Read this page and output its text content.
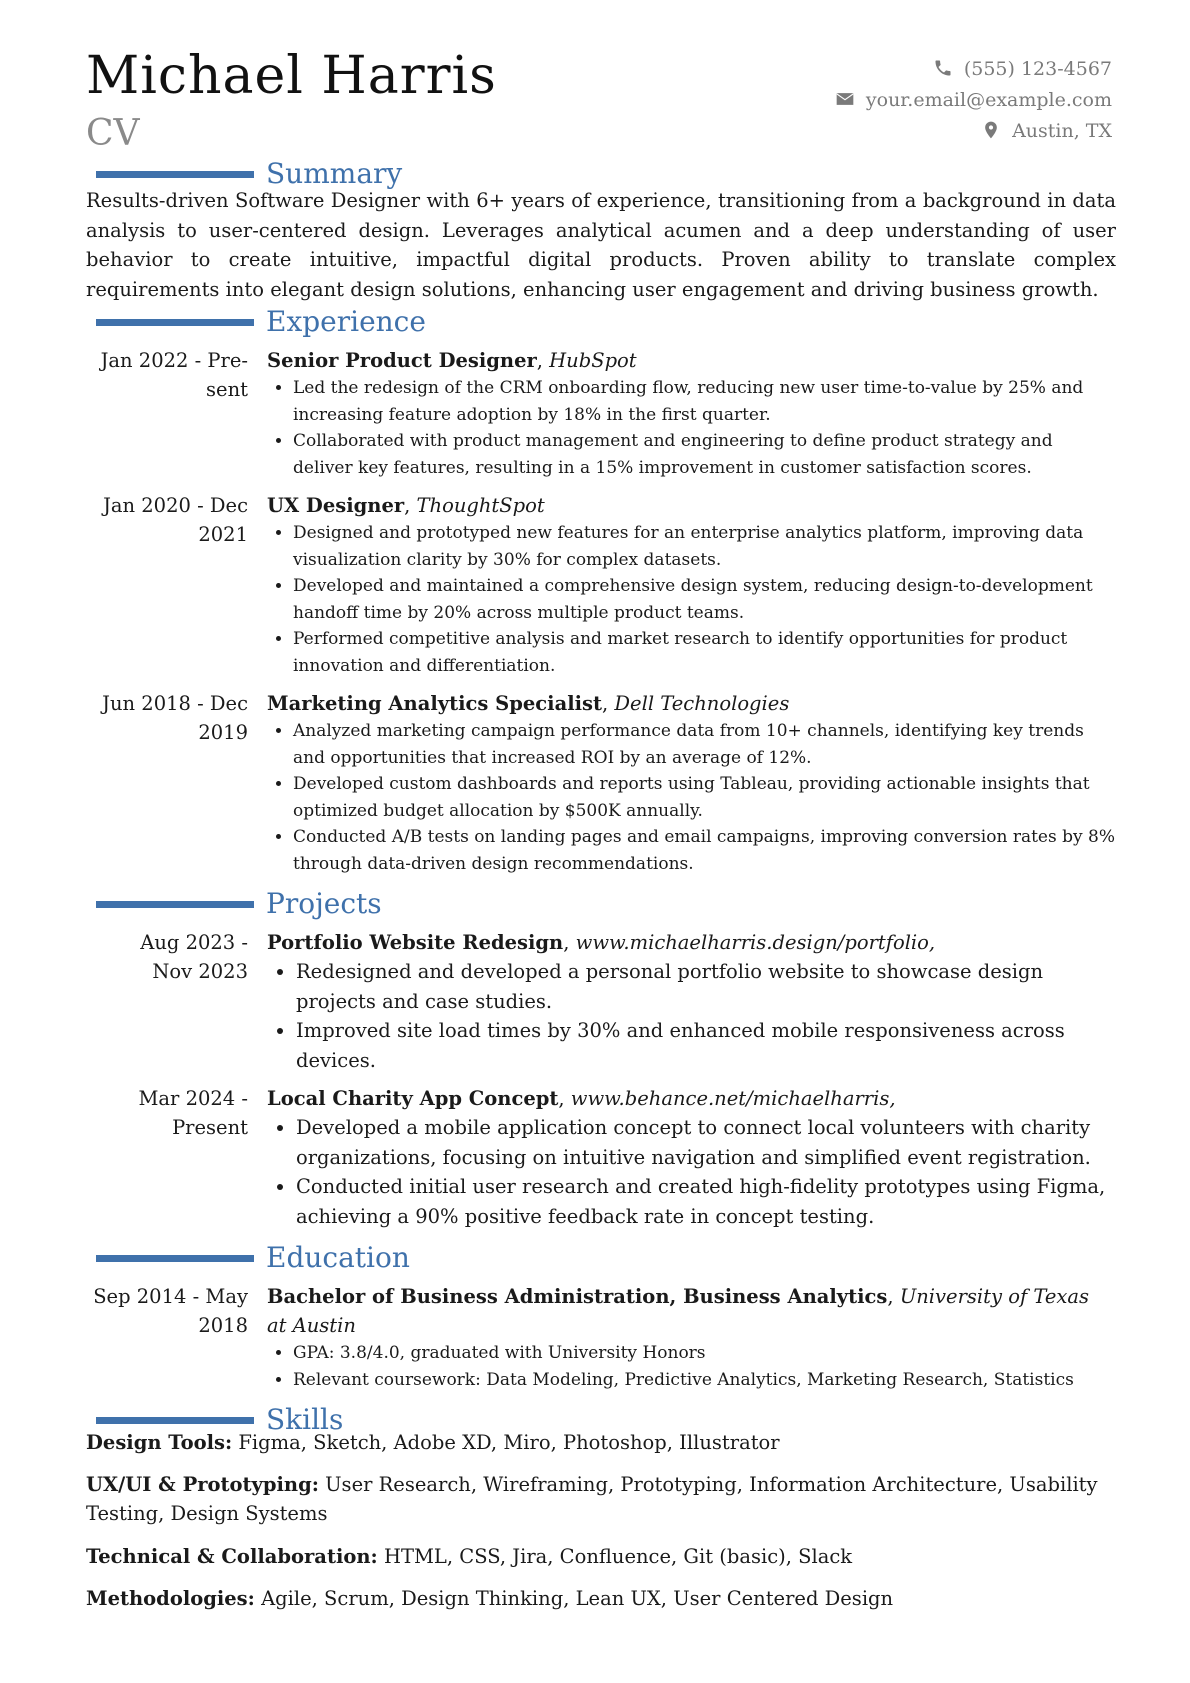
Michael Harris
CV
(555) 123-4567
your.email@example.com
Austin, TX
Summary
Results-driven Software Designer with 6+ years of experience, transitioning from a background in data analysis to user-centered design. Leverages analytical acumen and a deep understanding of user behavior to create intuitive, impactful digital products. Proven ability to translate complex requirements into elegant design solutions, enhancing user engagement and driving business growth.
Experience
Jan 2022 - Pre-
sent
Senior Product Designer, HubSpot
• Led the redesign of the CRM onboarding flow, reducing new user time-to-value by 25% and increasing feature adoption by 18% in the first quarter.
• Collaborated with product management and engineering to define product strategy and deliver key features, resulting in a 15% improvement in customer satisfaction scores.
Jan 2020 - Dec
2021
UX Designer, ThoughtSpot
• Designed and prototyped new features for an enterprise analytics platform, improving data visualization clarity by 30% for complex datasets.
• Developed and maintained a comprehensive design system, reducing design-to-development handoff time by 20% across multiple product teams.
• Performed competitive analysis and market research to identify opportunities for product innovation and differentiation.
Jun 2018 - Dec
2019
Marketing Analytics Specialist, Dell Technologies
• Analyzed marketing campaign performance data from 10+ channels, identifying key trends and opportunities that increased ROI by an average of 12%.
• Developed custom dashboards and reports using Tableau, providing actionable insights that optimized budget allocation by $500K annually.
• Conducted A/B tests on landing pages and email campaigns, improving conversion rates by 8% through data-driven design recommendations.
Projects
Aug 2023 -
Nov 2023
Portfolio Website Redesign, www.michaelharris.design/portfolio,
• Redesigned and developed a personal portfolio website to showcase design projects and case studies.
• Improved site load times by 30% and enhanced mobile responsiveness across devices.
Mar 2024 -
Present
Local Charity App Concept, www.behance.net/michaelharris,
• Developed a mobile application concept to connect local volunteers with charity organizations, focusing on intuitive navigation and simplified event registration.
• Conducted initial user research and created high-fidelity prototypes using Figma, achieving a 90% positive feedback rate in concept testing.
Education
Sep 2014 - May
2018
Bachelor of Business Administration, Business Analytics, University of Texas
at Austin
• GPA: 3.8/4.0, graduated with University Honors
• Relevant coursework: Data Modeling, Predictive Analytics, Marketing Research, Statistics
Skills
Design Tools: Figma, Sketch, Adobe XD, Miro, Photoshop, Illustrator
UX/UI & Prototyping: User Research, Wireframing, Prototyping, Information Architecture, Usability Testing, Design Systems
Technical & Collaboration: HTML, CSS, Jira, Confluence, Git (basic), Slack
Methodologies: Agile, Scrum, Design Thinking, Lean UX, User Centered Design
